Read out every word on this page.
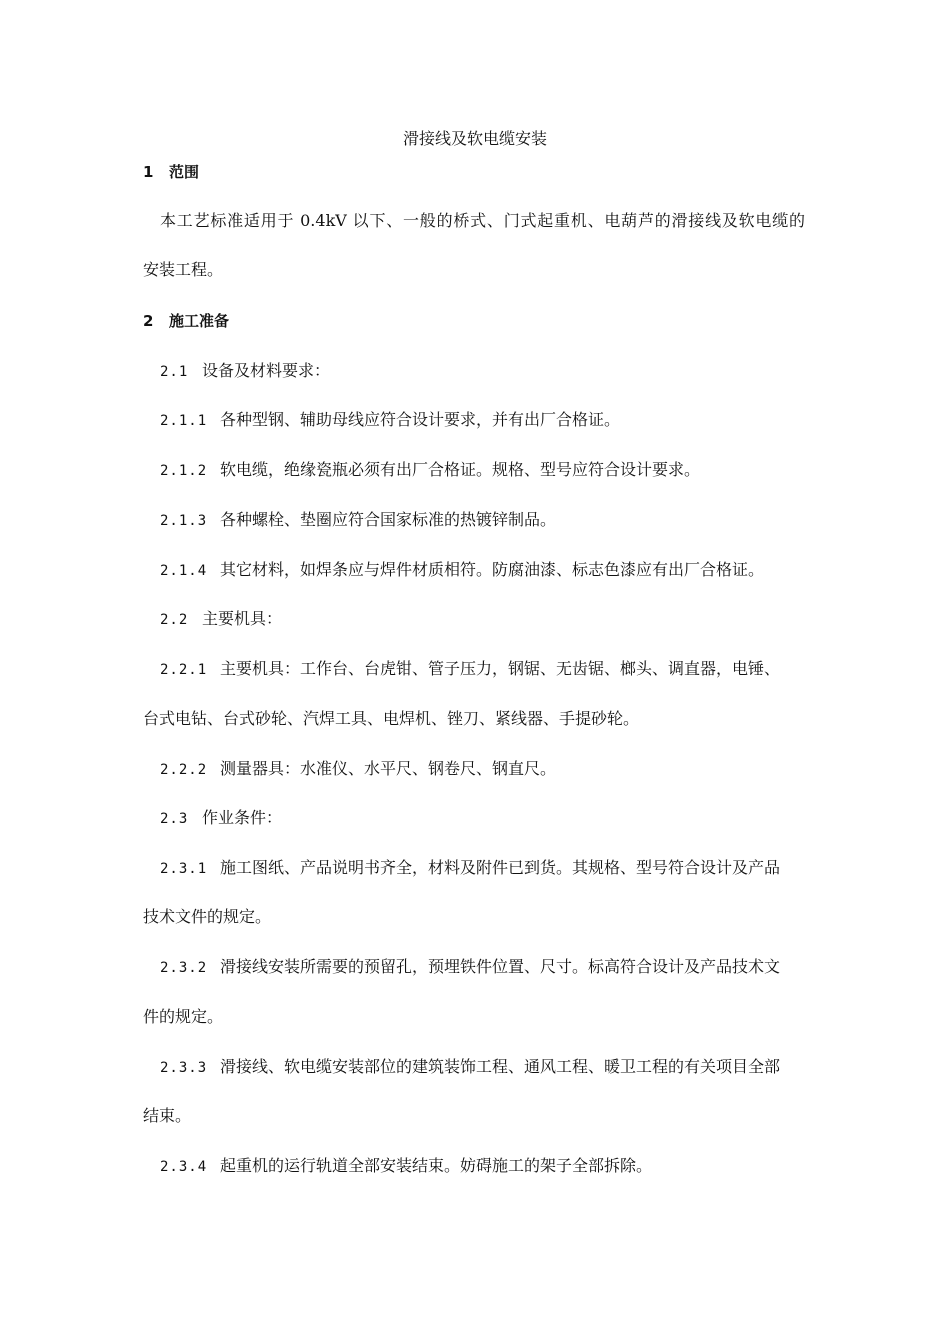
滑接线及软电缆安装
1 范围
本工艺标准适用于 0.4kV 以下、一般的桥式、门式起重机、电葫芦的滑接线及软电缆的
安装工程。
2 施工准备
2.1 设备及材料要求：
2.1.1 各种型钢、辅助母线应符合设计要求，并有出厂合格证。
2.1.2 软电缆，绝缘瓷瓶必须有出厂合格证。规格、型号应符合设计要求。
2.1.3 各种螺栓、垫圈应符合国家标准的热镀锌制品。
2.1.4 其它材料，如焊条应与焊件材质相符。防腐油漆、标志色漆应有出厂合格证。
2.2 主要机具：
2.2.1 主要机具：工作台、台虎钳、管子压力，钢锯、无齿锯、榔头、调直器，电锤、
台式电钻、台式砂轮、汽焊工具、电焊机、锉刀、紧线器、手提砂轮。
2.2.2 测量器具：水准仪、水平尺、钢卷尺、钢直尺。
2.3 作业条件：
2.3.1 施工图纸、产品说明书齐全，材料及附件已到货。其规格、型号符合设计及产品
技术文件的规定。
2.3.2 滑接线安装所需要的预留孔，预埋铁件位置、尺寸。标高符合设计及产品技术文
件的规定。
2.3.3 滑接线、软电缆安装部位的建筑装饰工程、通风工程、暖卫工程的有关项目全部
结束。
2.3.4 起重机的运行轨道全部安装结束。妨碍施工的架子全部拆除。
